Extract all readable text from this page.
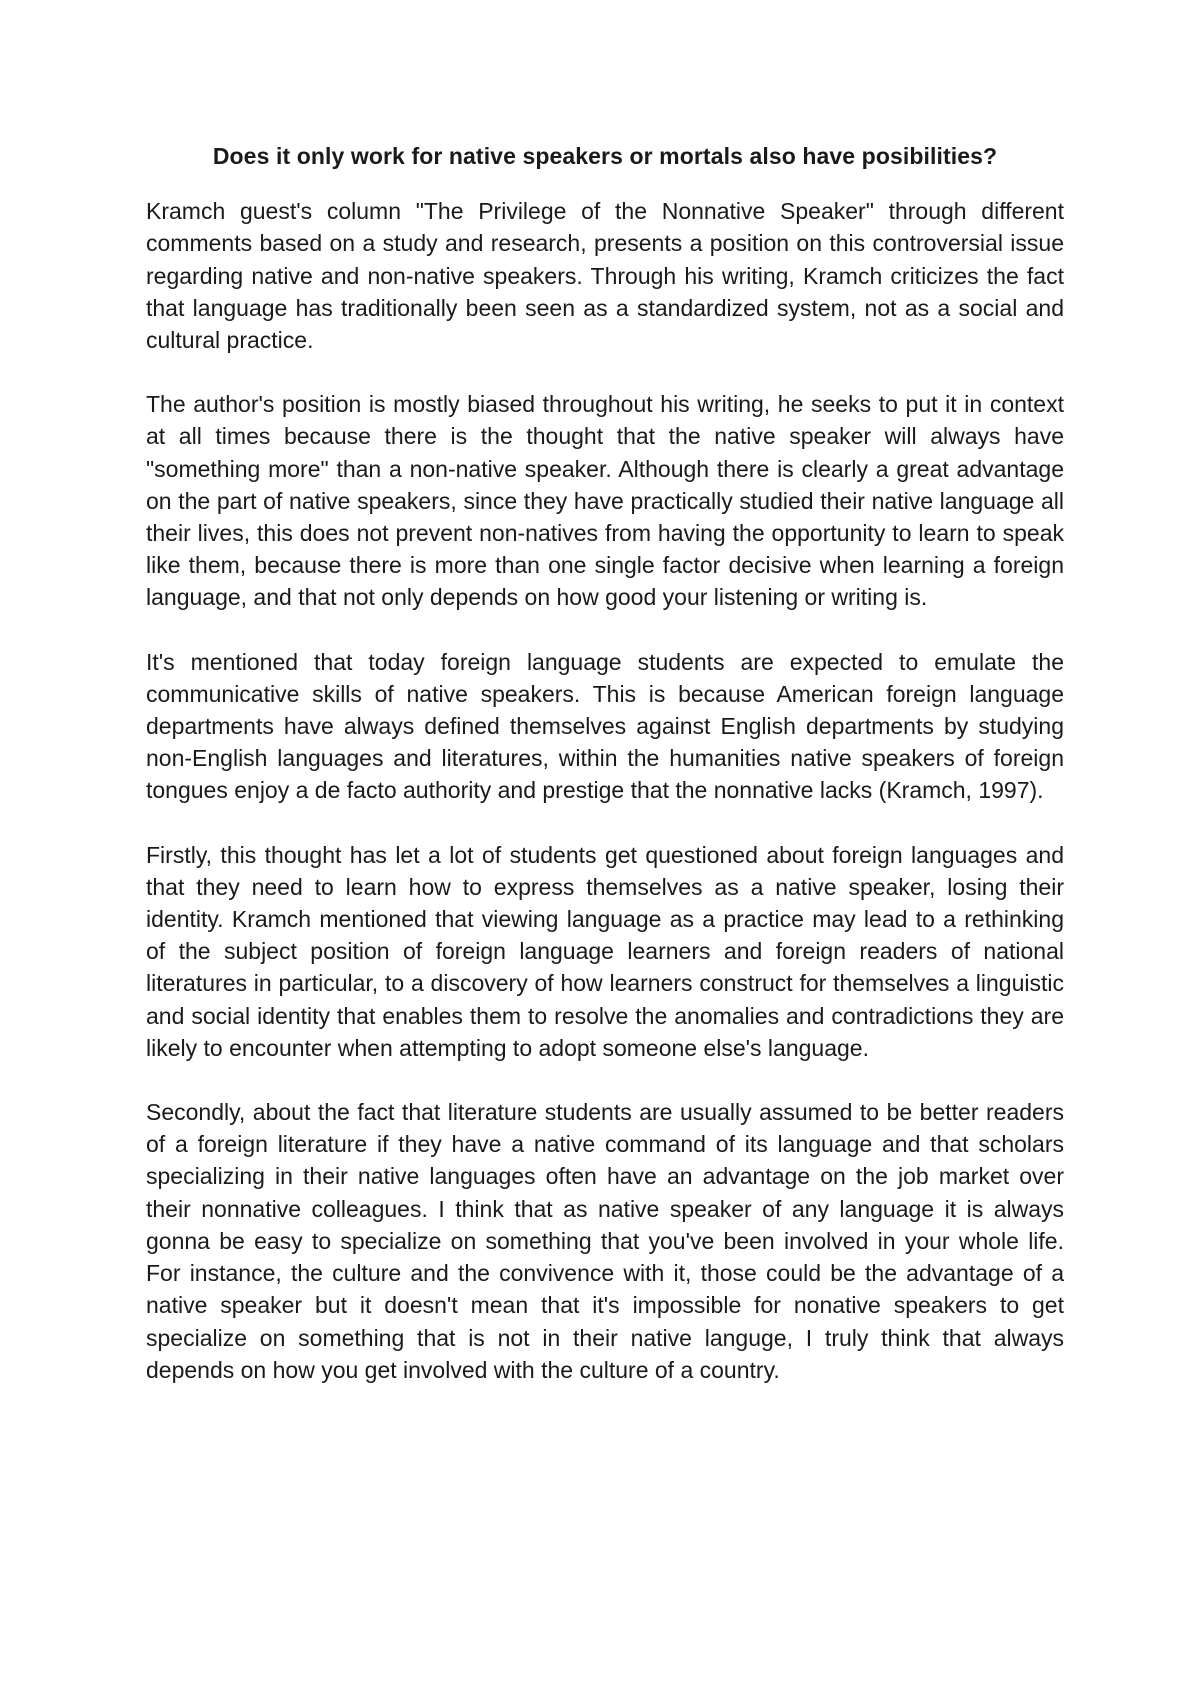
Does it only work for native speakers or mortals also have posibilities?

Kramch guest's column "The Privilege of the Nonnative Speaker" through different comments based on a study and research, presents a position on this controversial issue regarding native and non-native speakers. Through his writing, Kramch criticizes the fact that language has traditionally been seen as a standardized system, not as a social and cultural practice.

The author's position is mostly biased throughout his writing, he seeks to put it in context at all times because there is the thought that the native speaker will always have "something more" than a non-native speaker. Although there is clearly a great advantage on the part of native speakers, since they have practically studied their native language all their lives, this does not prevent non-natives from having the opportunity to learn to speak like them, because there is more than one single factor decisive when learning a foreign language, and that not only depends on how good your listening or writing is.

It's mentioned that today foreign language students are expected to emulate the communicative skills of native speakers. This is because American foreign language departments have always defined themselves against English departments by studying non-English languages and literatures, within the humanities native speakers of foreign tongues enjoy a de facto authority and prestige that the nonnative lacks (Kramch, 1997).

Firstly, this thought has let a lot of students get questioned about foreign languages and that they need to learn how to express themselves as a native speaker, losing their identity. Kramch mentioned that viewing language as a practice may lead to a rethinking of the subject position of foreign language learners and foreign readers of national literatures in particular, to a discovery of how learners construct for themselves a linguistic and social identity that enables them to resolve the anomalies and contradictions they are likely to encounter when attempting to adopt someone else's language.

Secondly, about the fact that literature students are usually assumed to be better readers of a foreign literature if they have a native command of its language and that scholars specializing in their native languages often have an advantage on the job market over their nonnative colleagues. I think that as native speaker of any language it is always gonna be easy to specialize on something that you've been involved in your whole life. For instance, the culture and the convivence with it, those could be the advantage of a native speaker but it doesn't mean that it's impossible for nonative speakers to get specialize on something that is not in their native languge, I truly think that always depends on how you get involved with the culture of a country.
